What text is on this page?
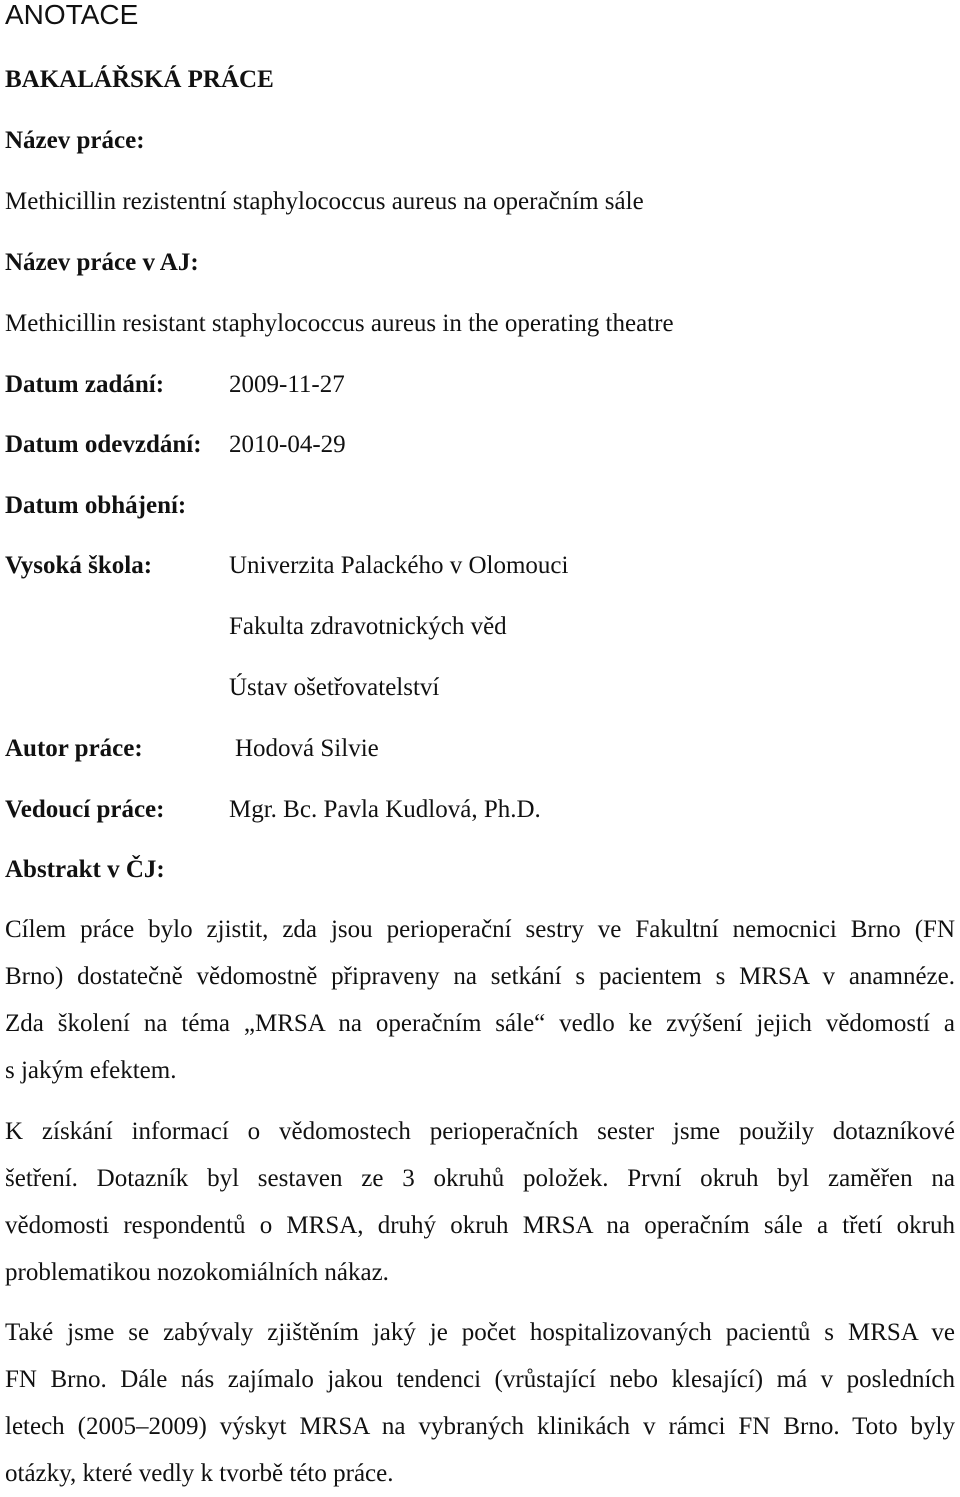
ANOTACE
BAKALÁŘSKÁ PRÁCE
Název práce:
Methicillin rezistentní staphylococcus aureus na operačním sále
Název práce v AJ:
Methicillin resistant staphylococcus aureus in the operating theatre
Datum zadání:	2009-11-27
Datum odevzdání: 2010-04-29
Datum obhájení:
Vysoká škola:	Univerzita Palackého v Olomouci
Fakulta zdravotnických věd
Ústav ošetřovatelství
Autor práce:	Hodová Silvie
Vedoucí práce:	Mgr. Bc. Pavla Kudlová, Ph.D.
Abstrakt v ČJ:
Cílem práce bylo zjistit, zda jsou perioperační sestry ve Fakultní nemocnici Brno (FN
Brno) dostatečně vědomostně připraveny na setkání s pacientem s MRSA v anamnéze.
Zda školení na téma „MRSA na operačním sále“ vedlo ke zvýšení jejich vědomostí a
s jakým efektem.
K získání informací o vědomostech perioperačních sester jsme použily dotazníkové
šetření. Dotazník byl sestaven ze 3 okruhů položek. První okruh byl zaměřen na
vědomosti respondentů o MRSA, druhý okruh MRSA na operačním sále a třetí okruh
problematikou nozokomiálních nákaz.
Také jsme se zabývaly zjištěním jaký je počet hospitalizovaných pacientů s MRSA ve
FN Brno. Dále nás zajímalo jakou tendenci (vrůstající nebo klesající) má v posledních
letech (2005–2009) výskyt MRSA na vybraných klinikách v rámci FN Brno. Toto byly
otázky, které vedly k tvorbě této práce.
